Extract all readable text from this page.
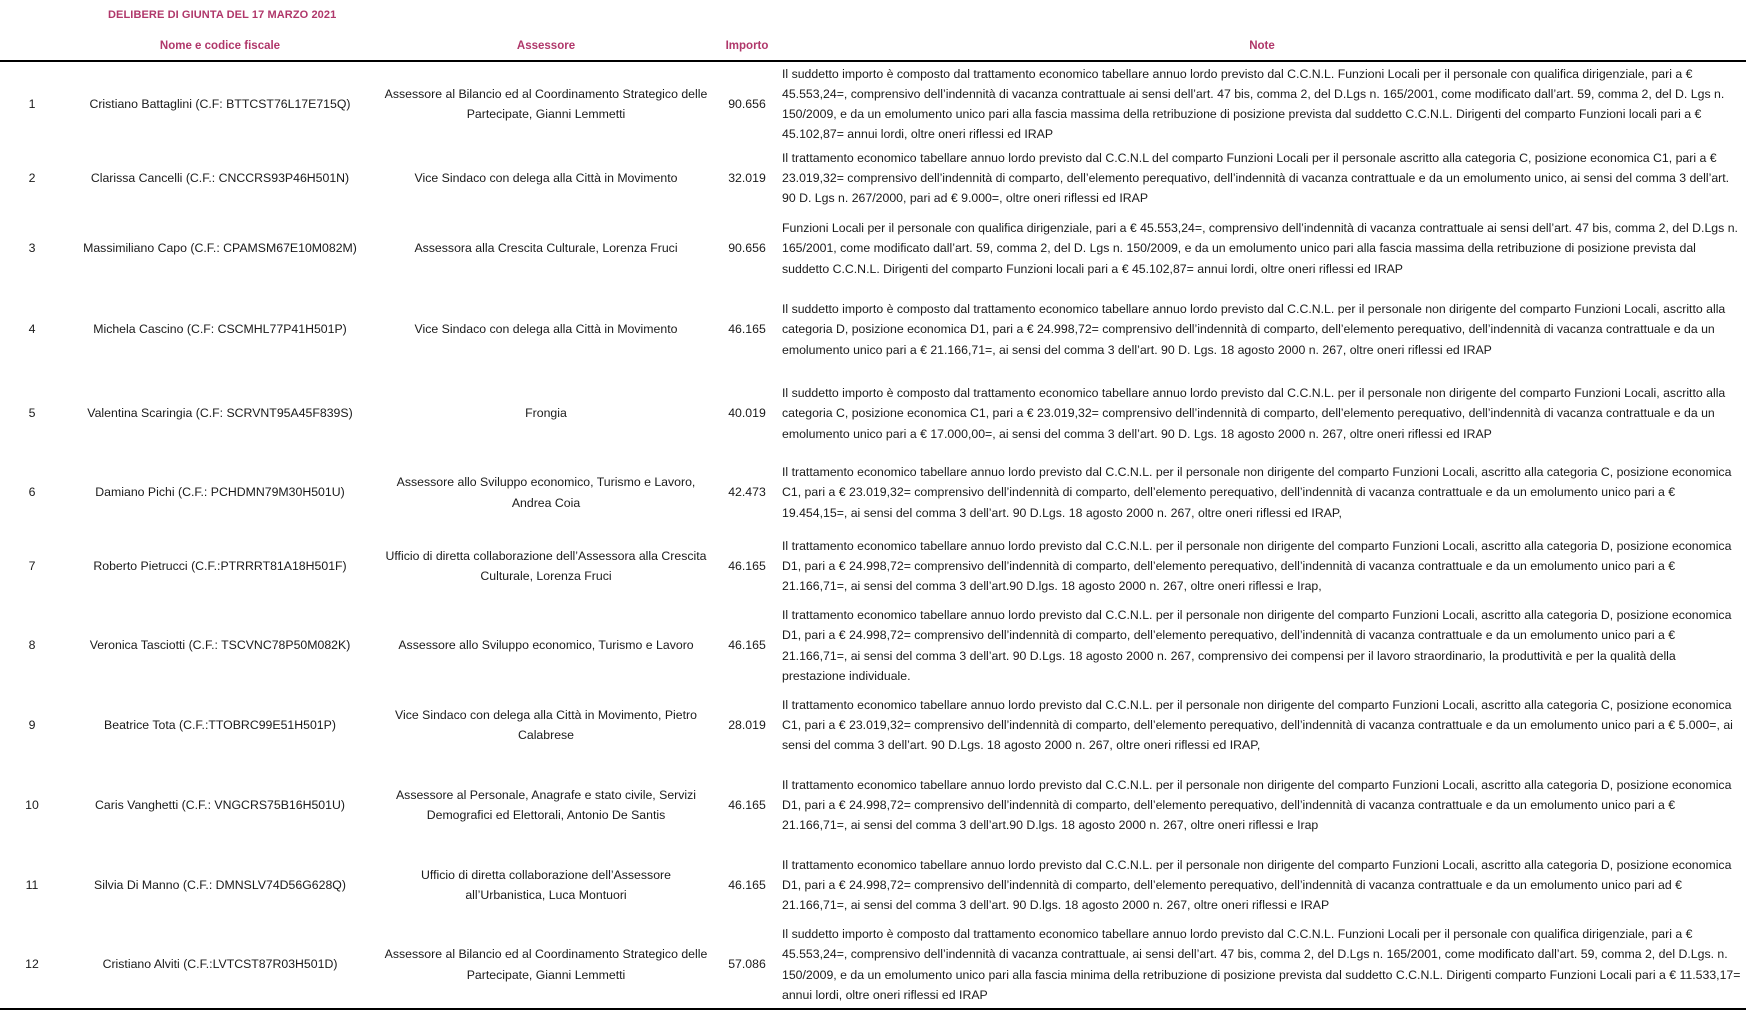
DELIBERE DI GIUNTA DEL 17 MARZO 2021
	Nome e codice fiscale	Assessore	Importo	Note
1	Cristiano Battaglini (C.F: BTTCST76L17E715Q)	Assessore al Bilancio ed al Coordinamento Strategico delle Partecipate, Gianni Lemmetti	90.656	Il suddetto importo è composto dal trattamento economico tabellare annuo lordo previsto dal C.C.N.L. Funzioni Locali per il personale con qualifica dirigenziale, pari a € 45.553,24=, comprensivo dell’indennità di vacanza contrattuale ai sensi dell’art. 47 bis, comma 2, del D.Lgs n. 165/2001, come modificato dall’art. 59, comma 2, del D. Lgs n. 150/2009, e da un emolumento unico pari alla fascia massima della retribuzione di posizione prevista dal suddetto C.C.N.L. Dirigenti del comparto Funzioni locali pari a € 45.102,87= annui lordi, oltre oneri riflessi ed IRAP
2	Clarissa Cancelli (C.F.: CNCCRS93P46H501N)	Vice Sindaco con delega alla Città in Movimento	32.019	Il trattamento economico tabellare annuo lordo previsto dal C.C.N.L del comparto Funzioni Locali per il personale ascritto alla categoria C, posizione economica C1, pari a € 23.019,32= comprensivo dell’indennità di comparto, dell’elemento perequativo, dell’indennità di vacanza contrattuale e da un emolumento unico, ai sensi del comma 3 dell’art. 90 D. Lgs n. 267/2000, pari ad € 9.000=, oltre oneri riflessi ed IRAP
3	Massimiliano Capo (C.F.: CPAMSM67E10M082M)	Assessora alla Crescita Culturale, Lorenza Fruci	90.656	Funzioni Locali per il personale con qualifica dirigenziale, pari a € 45.553,24=, comprensivo dell’indennità di vacanza contrattuale ai sensi dell’art. 47 bis, comma 2, del D.Lgs n. 165/2001, come modificato dall’art. 59, comma 2, del D. Lgs n. 150/2009, e da un emolumento unico pari alla fascia massima della retribuzione di posizione prevista dal suddetto C.C.N.L. Dirigenti del comparto Funzioni locali pari a € 45.102,87= annui lordi, oltre oneri riflessi ed IRAP
4	Michela Cascino (C.F: CSCMHL77P41H501P)	Vice Sindaco con delega alla Città in Movimento	46.165	Il suddetto importo è composto dal trattamento economico tabellare annuo lordo previsto dal C.C.N.L. per il personale non dirigente del comparto Funzioni Locali, ascritto alla categoria D, posizione economica D1, pari a € 24.998,72= comprensivo dell’indennità di comparto, dell’elemento perequativo, dell’indennità di vacanza contrattuale e da un emolumento unico pari a € 21.166,71=, ai sensi del comma 3 dell’art. 90 D. Lgs. 18 agosto 2000 n. 267, oltre oneri riflessi ed IRAP
5	Valentina Scaringia (C.F: SCRVNT95A45F839S)	Frongia	40.019	Il suddetto importo è composto dal trattamento economico tabellare annuo lordo previsto dal C.C.N.L. per il personale non dirigente del comparto Funzioni Locali, ascritto alla categoria C, posizione economica C1, pari a € 23.019,32= comprensivo dell’indennità di comparto, dell’elemento perequativo, dell’indennità di vacanza contrattuale e da un emolumento unico pari a € 17.000,00=, ai sensi del comma 3 dell’art. 90 D. Lgs. 18 agosto 2000 n. 267, oltre oneri riflessi ed IRAP
6	Damiano Pichi (C.F.: PCHDMN79M30H501U)	Assessore allo Sviluppo economico, Turismo e Lavoro, Andrea Coia	42.473	Il trattamento economico tabellare annuo lordo previsto dal C.C.N.L. per il personale non dirigente del comparto Funzioni Locali, ascritto alla categoria C, posizione economica C1, pari a € 23.019,32= comprensivo dell’indennità di comparto, dell’elemento perequativo, dell’indennità di vacanza contrattuale e da un emolumento unico pari a € 19.454,15=, ai sensi del comma 3 dell’art. 90 D.Lgs. 18 agosto 2000 n. 267, oltre oneri riflessi ed IRAP,
7	Roberto Pietrucci (C.F.:PTRRRT81A18H501F)	Ufficio di diretta collaborazione dell’Assessora alla Crescita Culturale, Lorenza Fruci	46.165	Il trattamento economico tabellare annuo lordo previsto dal C.C.N.L. per il personale non dirigente del comparto Funzioni Locali, ascritto alla categoria D, posizione economica D1, pari a € 24.998,72= comprensivo dell’indennità di comparto, dell’elemento perequativo, dell’indennità di vacanza contrattuale e da un emolumento unico pari a € 21.166,71=, ai sensi del comma 3 dell’art.90 D.lgs. 18 agosto 2000 n. 267, oltre oneri riflessi e Irap,
8	Veronica Tasciotti (C.F.: TSCVNC78P50M082K)	Assessore allo Sviluppo economico, Turismo e Lavoro	46.165	Il trattamento economico tabellare annuo lordo previsto dal C.C.N.L. per il personale non dirigente del comparto Funzioni Locali, ascritto alla categoria D, posizione economica D1, pari a € 24.998,72= comprensivo dell’indennità di comparto, dell’elemento perequativo, dell’indennità di vacanza contrattuale e da un emolumento unico pari a € 21.166,71=, ai sensi del comma 3 dell’art. 90 D.Lgs. 18 agosto 2000 n. 267, comprensivo dei compensi per il lavoro straordinario, la produttività e per la qualità della prestazione individuale.
9	Beatrice Tota (C.F.:TTOBRC99E51H501P)	Vice Sindaco con delega alla Città in Movimento, Pietro Calabrese	28.019	Il trattamento economico tabellare annuo lordo previsto dal C.C.N.L. per il personale non dirigente del comparto Funzioni Locali, ascritto alla categoria C, posizione economica C1, pari a € 23.019,32= comprensivo dell’indennità di comparto, dell’elemento perequativo, dell’indennità di vacanza contrattuale e da un emolumento unico pari a € 5.000=, ai sensi del comma 3 dell’art. 90 D.Lgs. 18 agosto 2000 n. 267, oltre oneri riflessi ed IRAP,
10	Caris Vanghetti (C.F.: VNGCRS75B16H501U)	Assessore al Personale, Anagrafe e stato civile, Servizi Demografici ed Elettorali, Antonio De Santis	46.165	Il trattamento economico tabellare annuo lordo previsto dal C.C.N.L. per il personale non dirigente del comparto Funzioni Locali, ascritto alla categoria D, posizione economica D1, pari a € 24.998,72= comprensivo dell’indennità di comparto, dell’elemento perequativo, dell’indennità di vacanza contrattuale e da un emolumento unico pari a € 21.166,71=, ai sensi del comma 3 dell’art.90 D.lgs. 18 agosto 2000 n. 267, oltre oneri riflessi e Irap
11	Silvia Di Manno (C.F.: DMNSLV74D56G628Q)	Ufficio di diretta collaborazione dell’Assessore all’Urbanistica, Luca Montuori	46.165	Il trattamento economico tabellare annuo lordo previsto dal C.C.N.L. per il personale non dirigente del comparto Funzioni Locali, ascritto alla categoria D, posizione economica D1, pari a € 24.998,72= comprensivo dell’indennità di comparto, dell’elemento perequativo, dell’indennità di vacanza contrattuale e da un emolumento unico pari ad € 21.166,71=, ai sensi del comma 3 dell’art. 90 D.lgs. 18 agosto 2000 n. 267, oltre oneri riflessi e IRAP
12	Cristiano Alviti (C.F.:LVTCST87R03H501D)	Assessore al Bilancio ed al Coordinamento Strategico delle Partecipate, Gianni Lemmetti	57.086	Il suddetto importo è composto dal trattamento economico tabellare annuo lordo previsto dal C.C.N.L. Funzioni Locali per il personale con qualifica dirigenziale, pari a € 45.553,24=, comprensivo dell’indennità di vacanza contrattuale, ai sensi dell’art. 47 bis, comma 2, del D.Lgs n. 165/2001, come modificato dall’art. 59, comma 2, del D.Lgs. n. 150/2009, e da un emolumento unico pari alla fascia minima della retribuzione di posizione prevista dal suddetto C.C.N.L. Dirigenti comparto Funzioni Locali pari a € 11.533,17= annui lordi, oltre oneri riflessi ed IRAP
